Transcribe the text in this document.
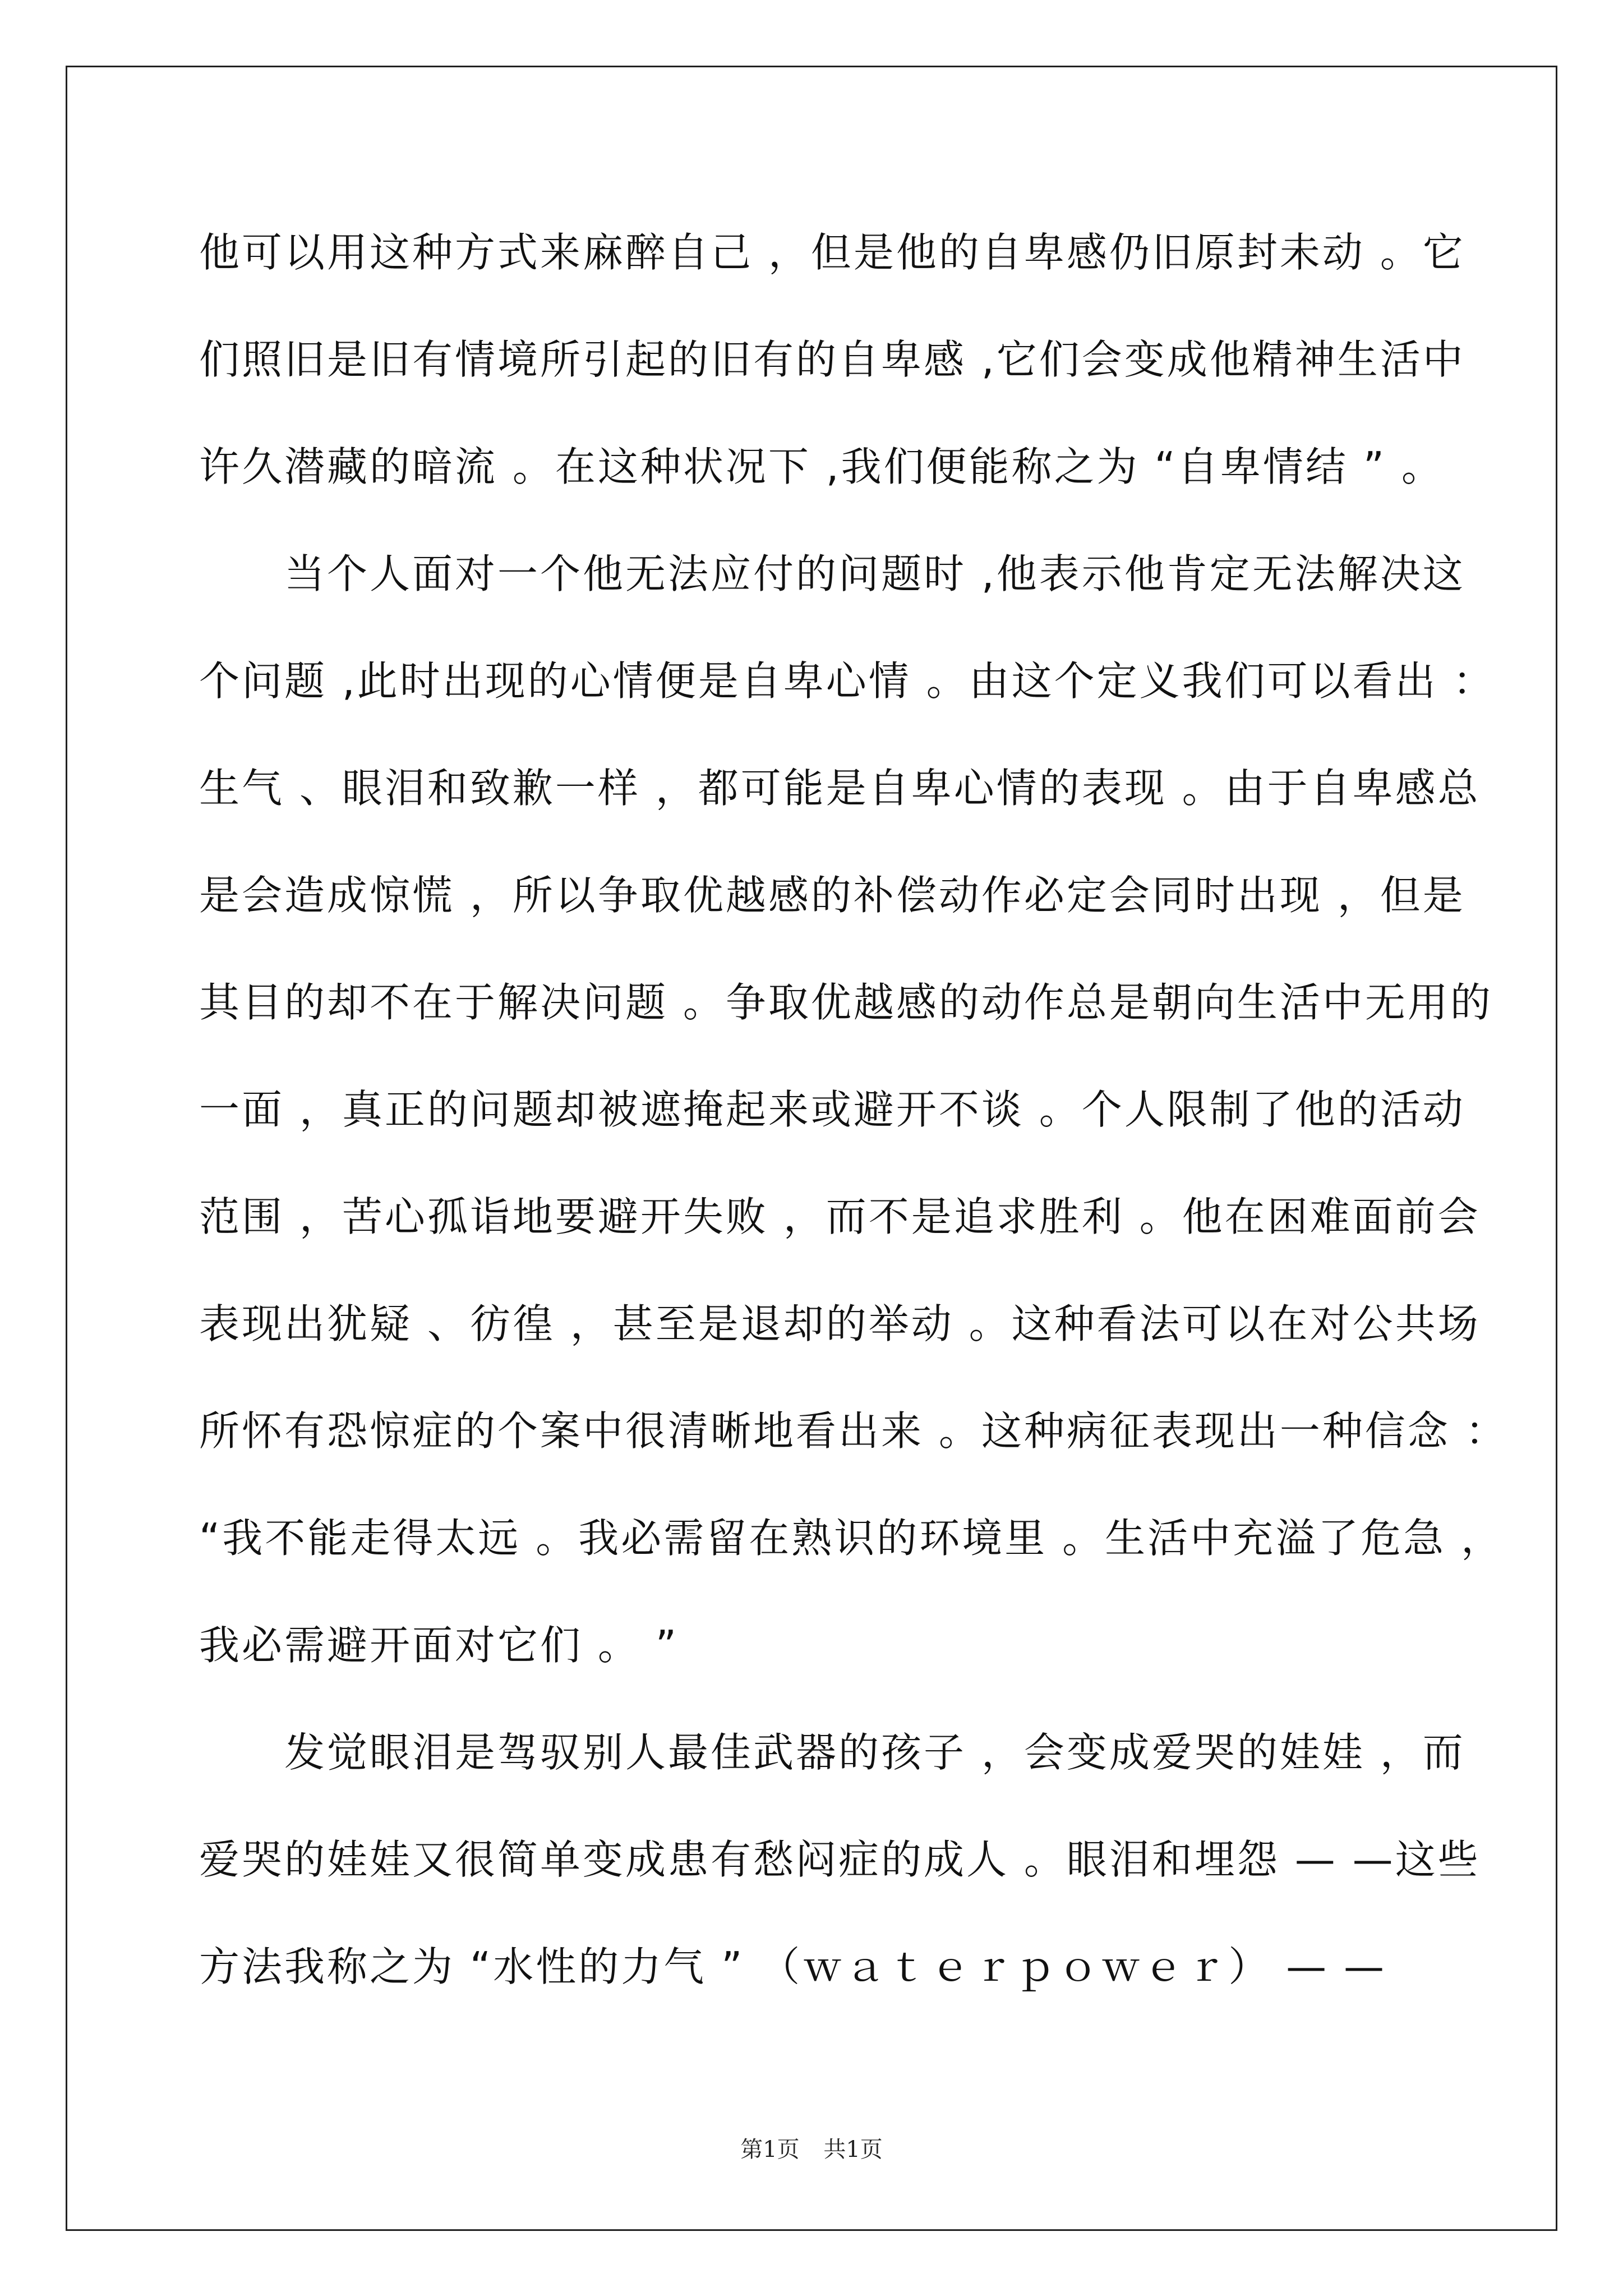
他可以用这种方式来麻醉自己 ，但是他的自卑感仍旧原封未动 。它
们照旧是旧有情境所引起的旧有的自卑感 ,它们会变成他精神生活中
许久潜藏的暗流 。在这种状况下 ,我们便能称之为 “自卑情结 ” 。
　　当个人面对一个他无法应付的问题时 ,他表示他肯定无法解决这
个问题 ,此时出现的心情便是自卑心情 。由这个定义我们可以看出 ：
生气 、眼泪和致歉一样 ，都可能是自卑心情的表现 。由于自卑感总
是会造成惊慌 ，所以争取优越感的补偿动作必定会同时出现 ，但是
其目的却不在于解决问题 。争取优越感的动作总是朝向生活中无用的
一面 ，真正的问题却被遮掩起来或避开不谈 。个人限制了他的活动
范围 ，苦心孤诣地要避开失败 ，而不是追求胜利 。他在困难面前会
表现出犹疑 、彷徨 ，甚至是退却的举动 。这种看法可以在对公共场
所怀有恐惊症的个案中很清晰地看出来 。这种病征表现出一种信念 ：
“我不能走得太远 。我必需留在熟识的环境里 。生活中充溢了危急 ，
我必需避开面对它们 。 ”
　　发觉眼泪是驾驭别人最佳武器的孩子 ，会变成爱哭的娃娃 ，而
爱哭的娃娃又很简单变成患有愁闷症的成人 。眼泪和埋怨 — —这些
方法我称之为 “水性的力气 ” （ｗａｔｅｒｐｏｗｅｒ） — —
第1页 共1页
